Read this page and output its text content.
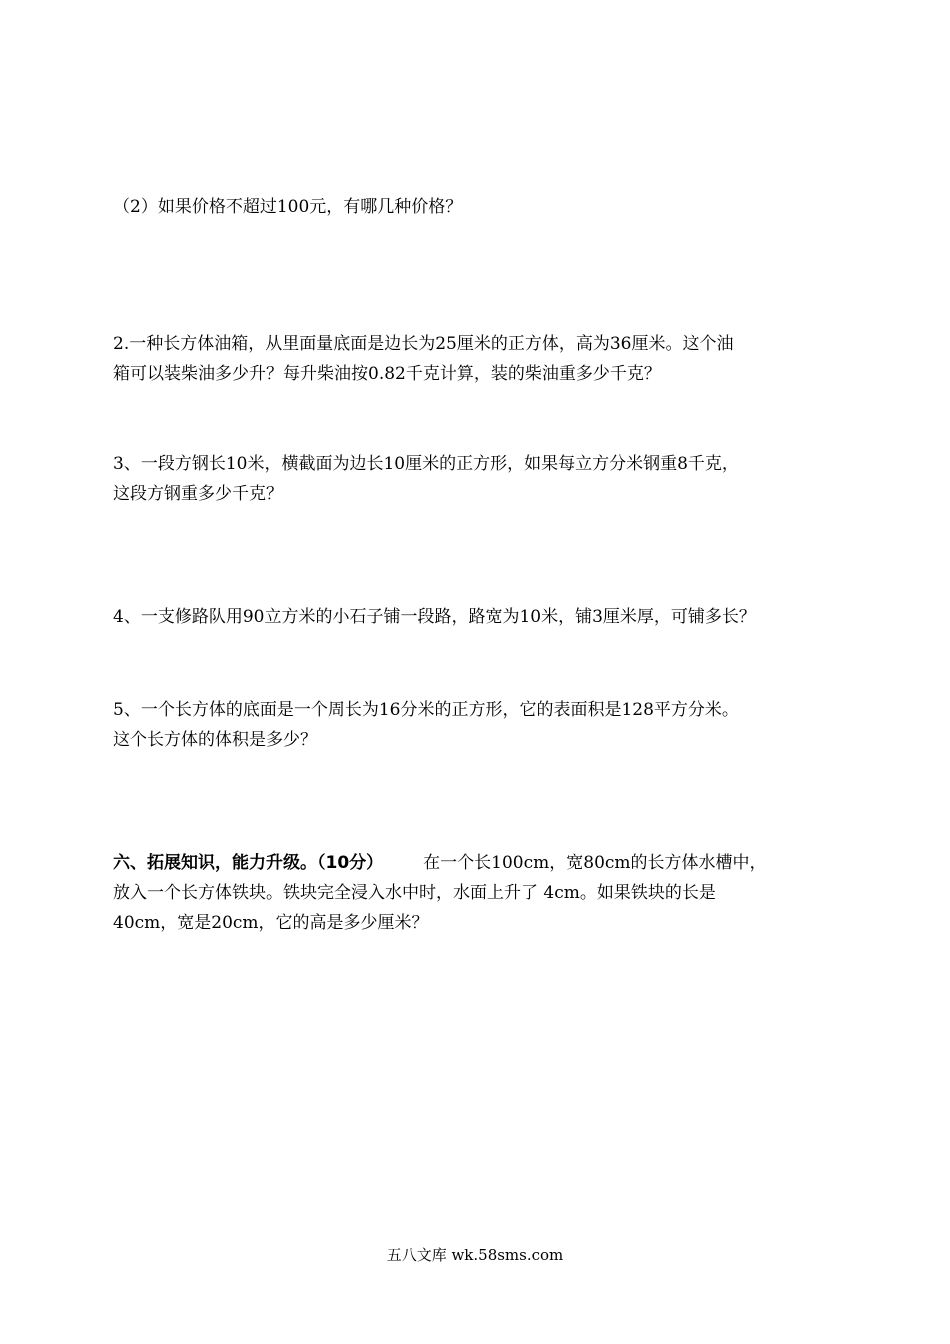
（2）如果价格不超过100元，有哪几种价格？
2.一种长方体油箱，从里面量底面是边长为25厘米的正方体，高为36厘米。这个油
箱可以装柴油多少升？每升柴油按0.82千克计算，装的柴油重多少千克？
3、一段方钢长10米，横截面为边长10厘米的正方形，如果每立方分米钢重8千克，
这段方钢重多少千克？
4、一支修路队用90立方米的小石子铺一段路，路宽为10米，铺3厘米厚，可铺多长？
5、一个长方体的底面是一个周长为16分米的正方形，它的表面积是128平方分米。
这个长方体的体积是多少？
六、拓展知识，能力升级。（10分） 在一个长100cm，宽80cm的长方体水槽中，
放入一个长方体铁块。铁块完全浸入水中时，水面上升了 4cm。如果铁块的长是
40cm，宽是20cm，它的高是多少厘米？
五八文库 wk.58sms.com
